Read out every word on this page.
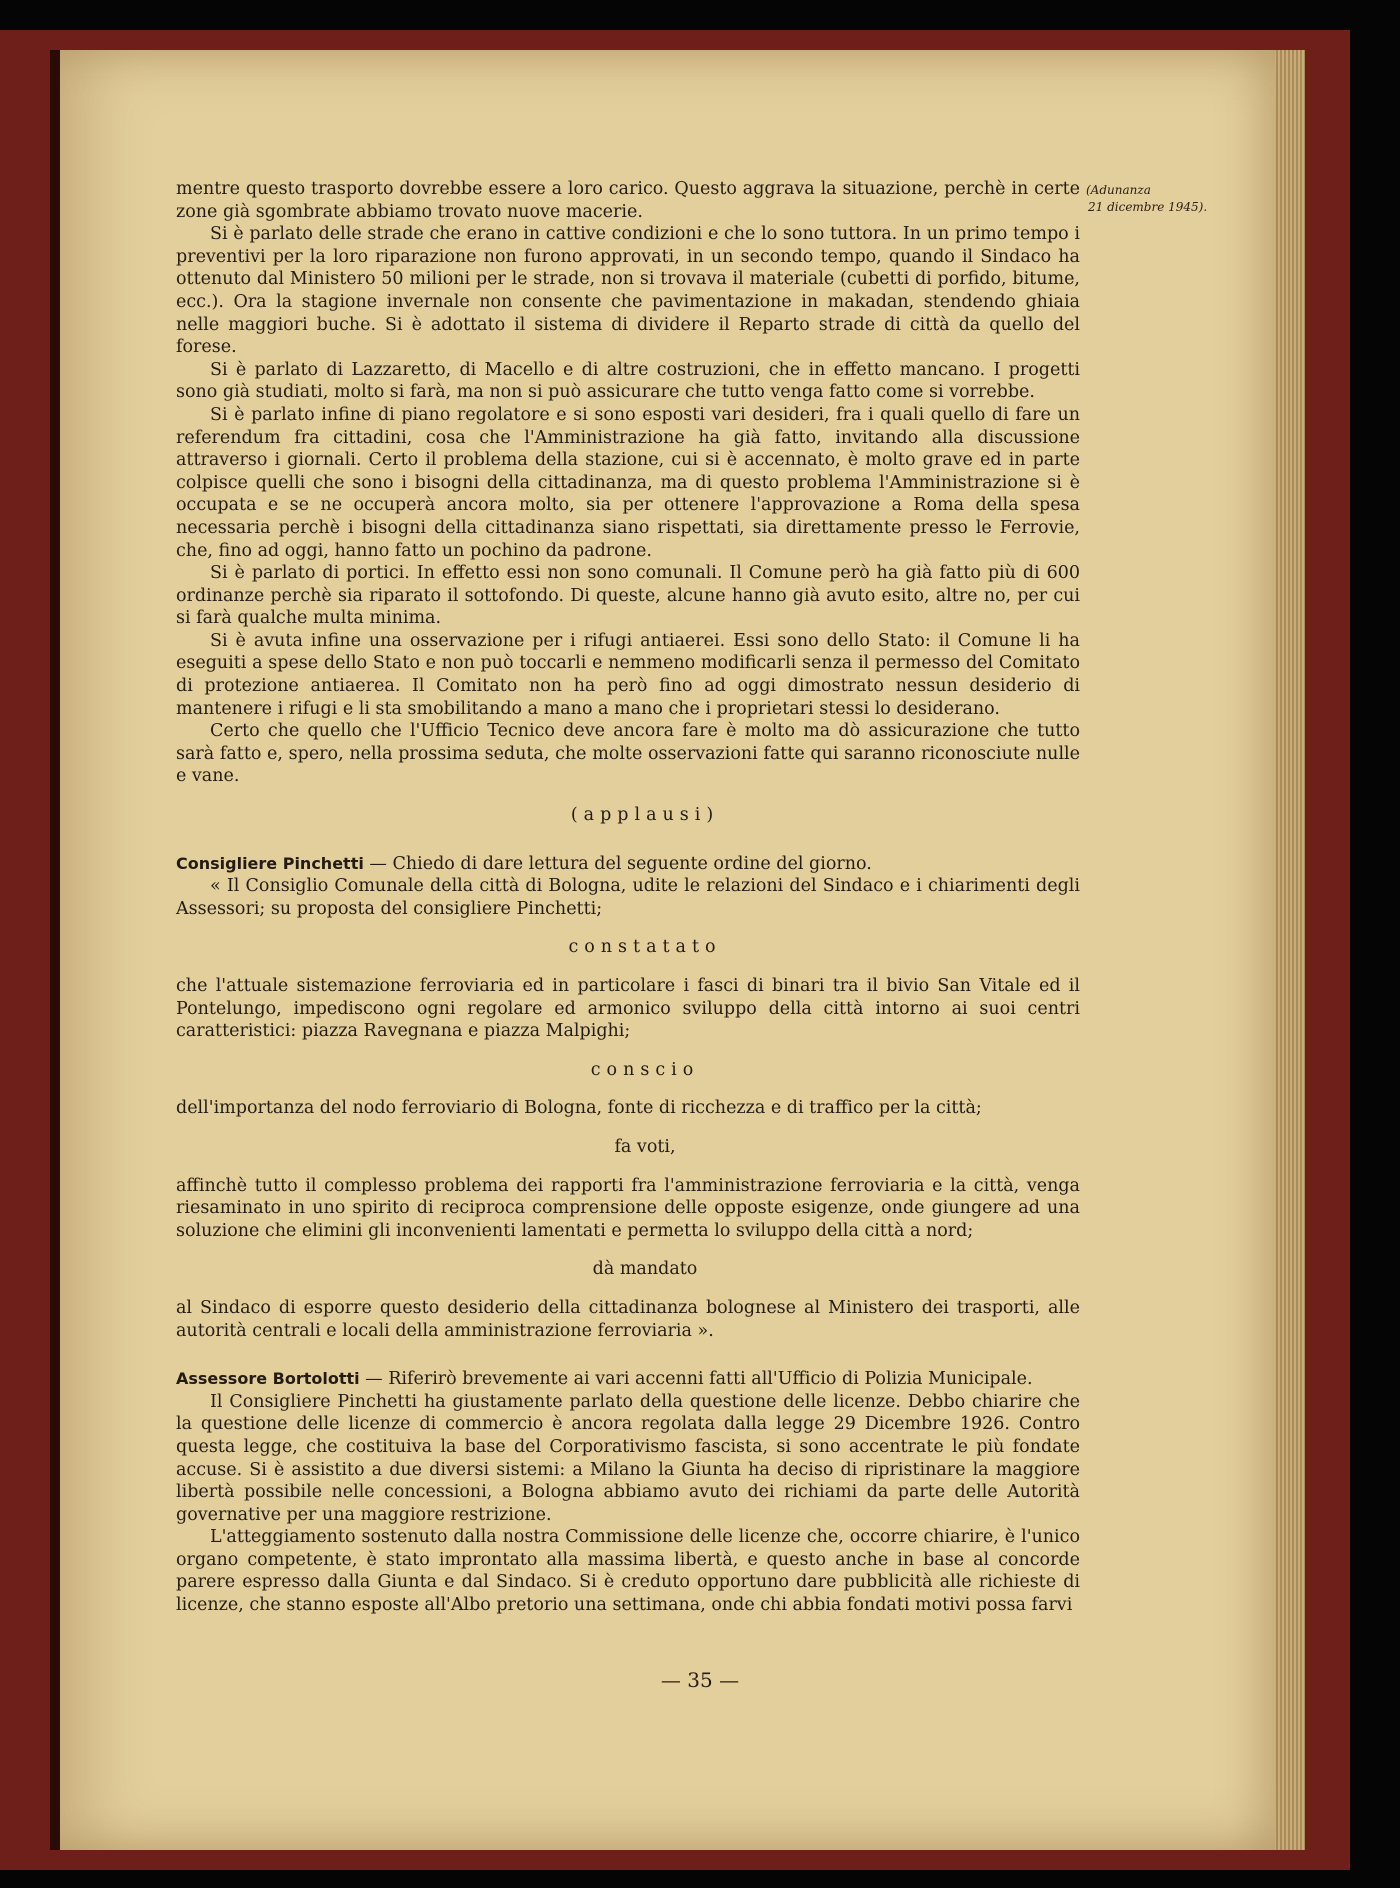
(Adunanza
21 dicembre 1945).

mentre questo trasporto dovrebbe essere a loro carico. Questo aggrava la situazione, perchè in certe zone già sgombrate abbiamo trovato nuove macerie.

Si è parlato delle strade che erano in cattive condizioni e che lo sono tuttora. In un primo tempo i preventivi per la loro riparazione non furono approvati, in un secondo tempo, quando il Sindaco ha ottenuto dal Ministero 50 milioni per le strade, non si trovava il materiale (cubetti di porfido, bitume, ecc.). Ora la stagione invernale non consente che pavimentazione in makadan, stendendo ghiaia nelle maggiori buche. Si è adottato il sistema di dividere il Reparto strade di città da quello del forese.

Si è parlato di Lazzaretto, di Macello e di altre costruzioni, che in effetto mancano. I progetti sono già studiati, molto si farà, ma non si può assicurare che tutto venga fatto come si vorrebbe.

Si è parlato infine di piano regolatore e si sono esposti vari desideri, fra i quali quello di fare un referendum fra cittadini, cosa che l'Amministrazione ha già fatto, invitando alla discussione attraverso i giornali. Certo il problema della stazione, cui si è accennato, è molto grave ed in parte colpisce quelli che sono i bisogni della cittadinanza, ma di questo problema l'Amministrazione si è occupata e se ne occuperà ancora molto, sia per ottenere l'approvazione a Roma della spesa necessaria perchè i bisogni della cittadinanza siano rispettati, sia direttamente presso le Ferrovie, che, fino ad oggi, hanno fatto un pochino da padrone.

Si è parlato di portici. In effetto essi non sono comunali. Il Comune però ha già fatto più di 600 ordinanze perchè sia riparato il sottofondo. Di queste, alcune hanno già avuto esito, altre no, per cui si farà qualche multa minima.

Si è avuta infine una osservazione per i rifugi antiaerei. Essi sono dello Stato: il Comune li ha eseguiti a spese dello Stato e non può toccarli e nemmeno modificarli senza il permesso del Comitato di protezione antiaerea. Il Comitato non ha però fino ad oggi dimostrato nessun desiderio di mantenere i rifugi e li sta smobilitando a mano a mano che i proprietari stessi lo desiderano.

Certo che quello che l'Ufficio Tecnico deve ancora fare è molto ma dò assicurazione che tutto sarà fatto e, spero, nella prossima seduta, che molte osservazioni fatte qui saranno riconosciute nulle e vane.

(applausi)

Consigliere Pinchetti — Chiedo di dare lettura del seguente ordine del giorno.

« Il Consiglio Comunale della città di Bologna, udite le relazioni del Sindaco e i chiarimenti degli Assessori; su proposta del consigliere Pinchetti;

constatato

che l'attuale sistemazione ferroviaria ed in particolare i fasci di binari tra il bivio San Vitale ed il Pontelungo, impediscono ogni regolare ed armonico sviluppo della città intorno ai suoi centri caratteristici: piazza Ravegnana e piazza Malpighi;

conscio

dell'importanza del nodo ferroviario di Bologna, fonte di ricchezza e di traffico per la città;

fa voti,

affinchè tutto il complesso problema dei rapporti fra l'amministrazione ferroviaria e la città, venga riesaminato in uno spirito di reciproca comprensione delle opposte esigenze, onde giungere ad una soluzione che elimini gli inconvenienti lamentati e permetta lo sviluppo della città a nord;

dà mandato

al Sindaco di esporre questo desiderio della cittadinanza bolognese al Ministero dei trasporti, alle autorità centrali e locali della amministrazione ferroviaria ».

Assessore Bortolotti — Riferirò brevemente ai vari accenni fatti all'Ufficio di Polizia Municipale.

Il Consigliere Pinchetti ha giustamente parlato della questione delle licenze. Debbo chiarire che la questione delle licenze di commercio è ancora regolata dalla legge 29 Dicembre 1926. Contro questa legge, che costituiva la base del Corporativismo fascista, si sono accentrate le più fondate accuse. Si è assistito a due diversi sistemi: a Milano la Giunta ha deciso di ripristinare la maggiore libertà possibile nelle concessioni, a Bologna abbiamo avuto dei richiami da parte delle Autorità governative per una maggiore restrizione.

L'atteggiamento sostenuto dalla nostra Commissione delle licenze che, occorre chiarire, è l'unico organo competente, è stato improntato alla massima libertà, e questo anche in base al concorde parere espresso dalla Giunta e dal Sindaco. Si è creduto opportuno dare pubblicità alle richieste di licenze, che stanno esposte all'Albo pretorio una settimana, onde chi abbia fondati motivi possa farvi

— 35 —
